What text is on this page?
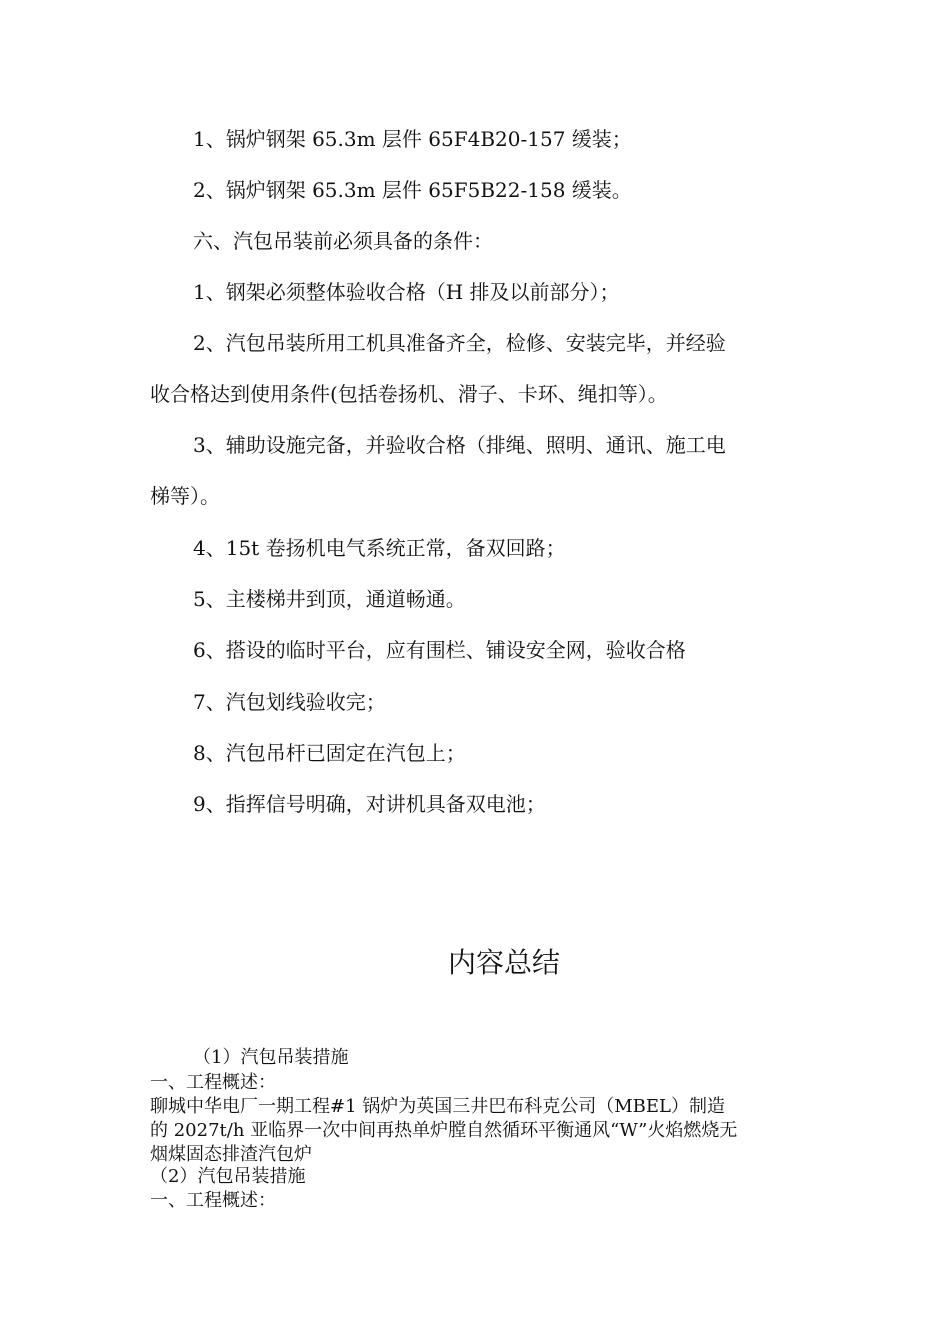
1、锅炉钢架 65.3m 层件 65F4B20-157 缓装；

2、锅炉钢架 65.3m 层件 65F5B22-158 缓装。

六、汽包吊装前必须具备的条件：

1、钢架必须整体验收合格（H 排及以前部分）；

2、汽包吊装所用工机具准备齐全，检修、安装完毕，并经验

收合格达到使用条件(包括卷扬机、滑子、卡环、绳扣等）。

3、辅助设施完备，并验收合格（排绳、照明、通讯、施工电

梯等）。

4、15t 卷扬机电气系统正常，备双回路；

5、主楼梯井到顶，通道畅通。

6、搭设的临时平台，应有围栏、铺设安全网，验收合格

7、汽包划线验收完；

8、汽包吊杆已固定在汽包上；

9、指挥信号明确，对讲机具备双电池；

内容总结

（1）汽包吊装措施

一、工程概述：

聊城中华电厂一期工程#1 锅炉为英国三井巴布科克公司（MBEL）制造

的 2027t/h 亚临界一次中间再热单炉膛自然循环平衡通风“W”火焰燃烧无

烟煤固态排渣汽包炉

（2）汽包吊装措施

一、工程概述：
